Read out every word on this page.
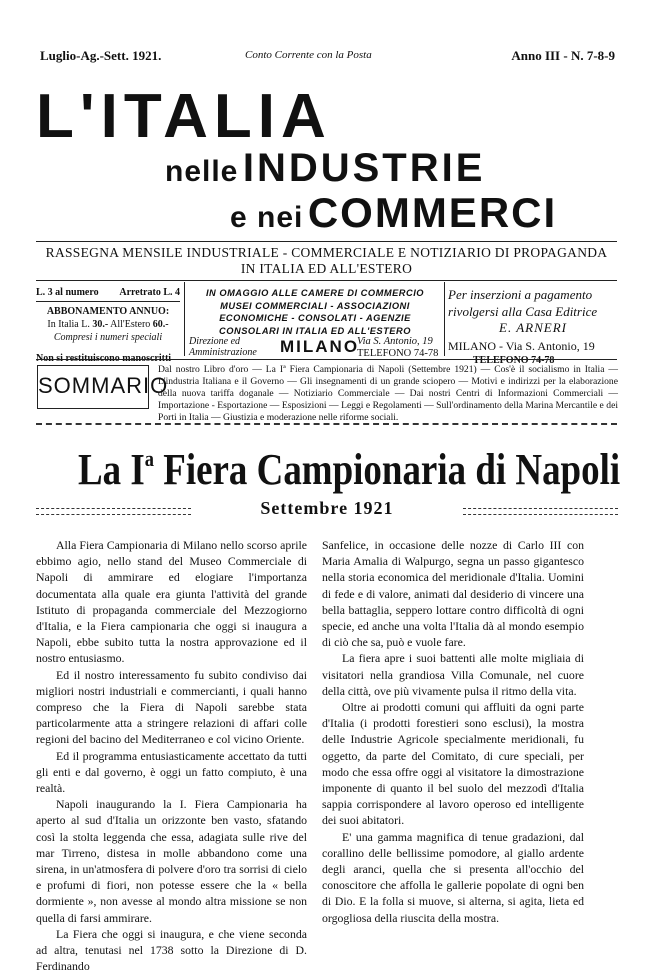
Luglio-Ag.-Sett. 1921.	Conto Corrente con la Posta	Anno III - N. 7-8-9
L'ITALIA
nelle INDUSTRIE
e nei COMMERCI
RASSEGNA MENSILE INDUSTRIALE - COMMERCIALE E NOTIZIARIO DI PROPAGANDA
IN ITALIA ED ALL'ESTERO
L. 3 al numero Arretrato L. 4
ABBONAMENTO ANNUO:
In Italia L. 30.- All'Estero 60.-
Compresi i numeri speciali
Non si restituiscono manoscritti
IN OMAGGIO ALLE CAMERE DI COMMERCIO
MUSEI COMMERCIALI - ASSOCIAZIONI
ECONOMICHE - CONSOLATI - AGENZIE
CONSOLARI IN ITALIA ED ALL'ESTERO
Direzione ed
Amministrazione MILANO
Via S. Antonio, 19
TELEFONO 74-78
Per inserzioni a pagamento
rivolgersi alla Casa Editrice
E. ARNERI
MILANO - Via S. Antonio, 19
TELEFONO 74-78
SOMMARIO
Dal nostro Libro d'oro — La Iª Fiera Campionaria di Napoli (Settembre 1921) — Cos'è il socialismo in Italia — L'industria Italiana e il Governo — Gli insegnamenti di un grande sciopero — Motivi e indirizzi per la elaborazione della nuova tariffa doganale — Notiziario Commerciale — Dai nostri Centri di Informazioni Commerciali — Importazione - Esportazione — Esposizioni — Leggi e Regolamenti — Sull'ordinamento della Marina Mercantile e dei Porti in Italia — Giustizia e moderazione nelle riforme sociali.
La $I^a$ Fiera Campionaria di Napoli
Settembre 1921

Alla Fiera Campionaria di Milano nello scorso aprile ebbimo agio, nello stand del Museo Commerciale di Napoli di ammirare ed elogiare l'importanza documentata alla quale era giunta l'attività del grande Istituto di propaganda commerciale del Mezzogiorno d'Italia, e la Fiera campionaria che oggi si inaugura a Napoli, ebbe subito tutta la nostra approvazione ed il nostro entusiasmo.

Ed il nostro interessamento fu subito condiviso dai migliori nostri industriali e commercianti, i quali hanno compreso che la Fiera di Napoli sarebbe stata particolarmente atta a stringere relazioni di affari colle regioni del bacino del Mediterraneo e col vicino Oriente.

Ed il programma entusiasticamente accettato da tutti gli enti e dal governo, è oggi un fatto compiuto, è una realtà.

Napoli inaugurando la I. Fiera Campionaria ha aperto al sud d'Italia un orizzonte ben vasto, sfatando così la stolta leggenda che essa, adagiata sulle rive del mar Tirreno, distesa in molle abbandono come una sirena, in un'atmosfera di polvere d'oro tra sorrisi di cielo e profumi di fiori, non potesse essere che la « bella dormiente », non avesse al mondo altra missione se non quella di farsi ammirare.

La Fiera che oggi si inaugura, e che viene seconda ad altra, tenutasi nel 1738 sotto la Direzione di D. Ferdinando

Sanfelice, in occasione delle nozze di Carlo III con Maria Amalia di Walpurgo, segna un passo gigantesco nella storia economica del meridionale d'Italia. Uomini di fede e di valore, animati dal desiderio di vincere una bella battaglia, seppero lottare contro difficoltà di ogni specie, ed anche una volta l'Italia dà al mondo esempio di ciò che sa, può e vuole fare.

La fiera apre i suoi battenti alle molte migliaia di visitatori nella grandiosa Villa Comunale, nel cuore della città, ove più vivamente pulsa il ritmo della vita.

Oltre ai prodotti comuni qui affluiti da ogni parte d'Italia (i prodotti forestieri sono esclusi), la mostra delle Industrie Agricole specialmente meridionali, fu oggetto, da parte del Comitato, di cure speciali, per modo che essa offre oggi al visitatore la dimostrazione imponente di quanto il bel suolo del mezzodì d'Italia sappia corrispondere al lavoro operoso ed intelligente dei suoi abitatori.

E' una gamma magnifica di tenue gradazioni, dal corallino delle bellissime pomodore, al giallo ardente degli aranci, quella che si presenta all'occhio del conoscitore che affolla le gallerie popolate di ogni ben di Dio. E la folla si muove, si alterna, si agita, lieta ed orgogliosa della riuscita della mostra.
